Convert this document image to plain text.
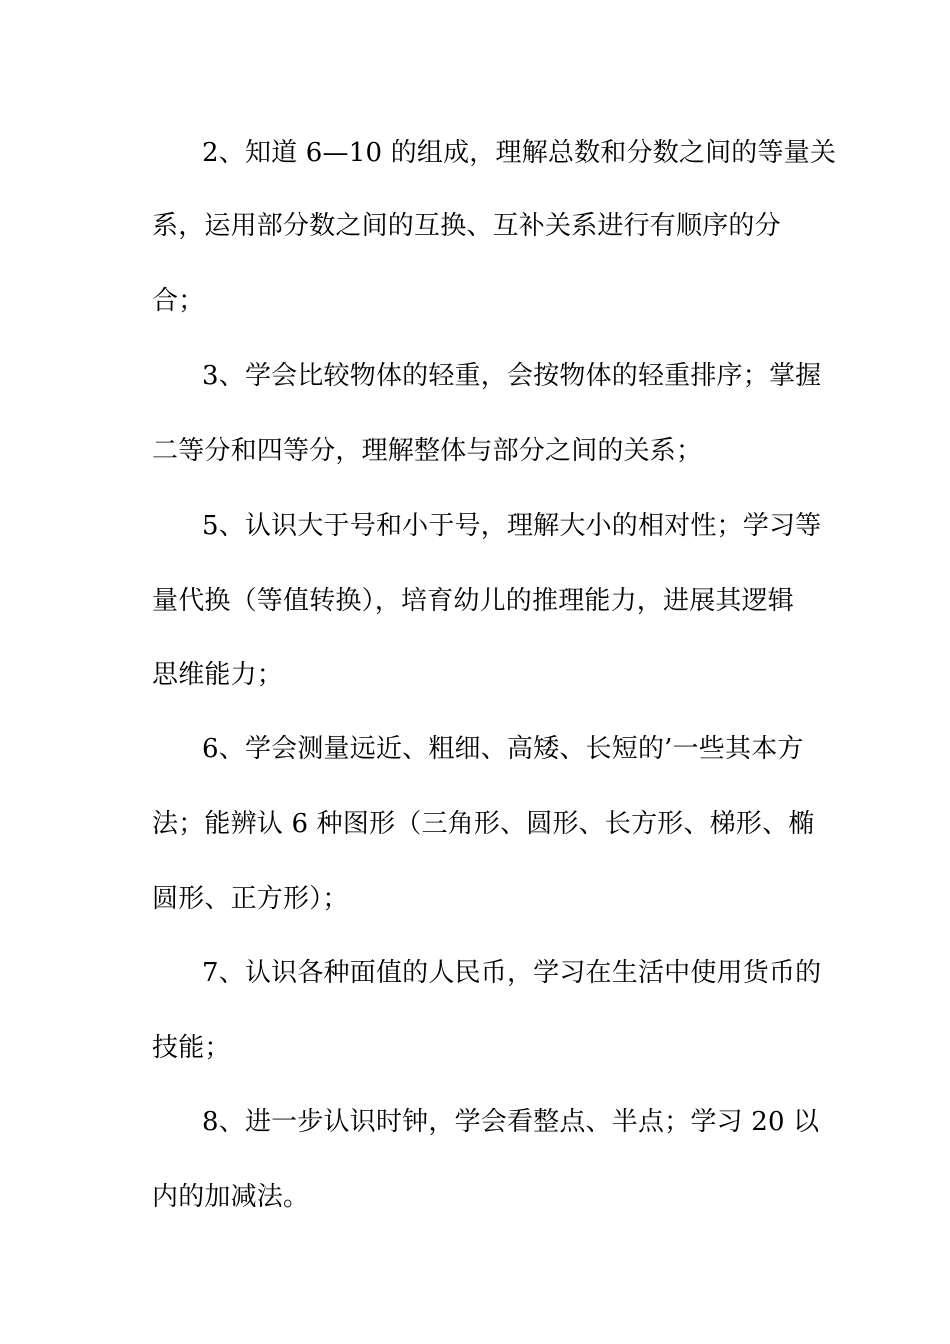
2、知道 6—10 的组成，理解总数和分数之间的等量关
系，运用部分数之间的互换、互补关系进行有顺序的分
合；
3、学会比较物体的轻重，会按物体的轻重排序；掌握
二等分和四等分，理解整体与部分之间的关系；
5、认识大于号和小于号，理解大小的相对性；学习等
量代换（等值转换），培育幼儿的推理能力，进展其逻辑
思维能力；
6、学会测量远近、粗细、高矮、长短的’一些其本方
法；能辨认 6 种图形（三角形、圆形、长方形、梯形、椭
圆形、正方形）；
7、认识各种面值的人民币，学习在生活中使用货币的
技能；
8、进一步认识时钟，学会看整点、半点；学习 20 以
内的加减法。
